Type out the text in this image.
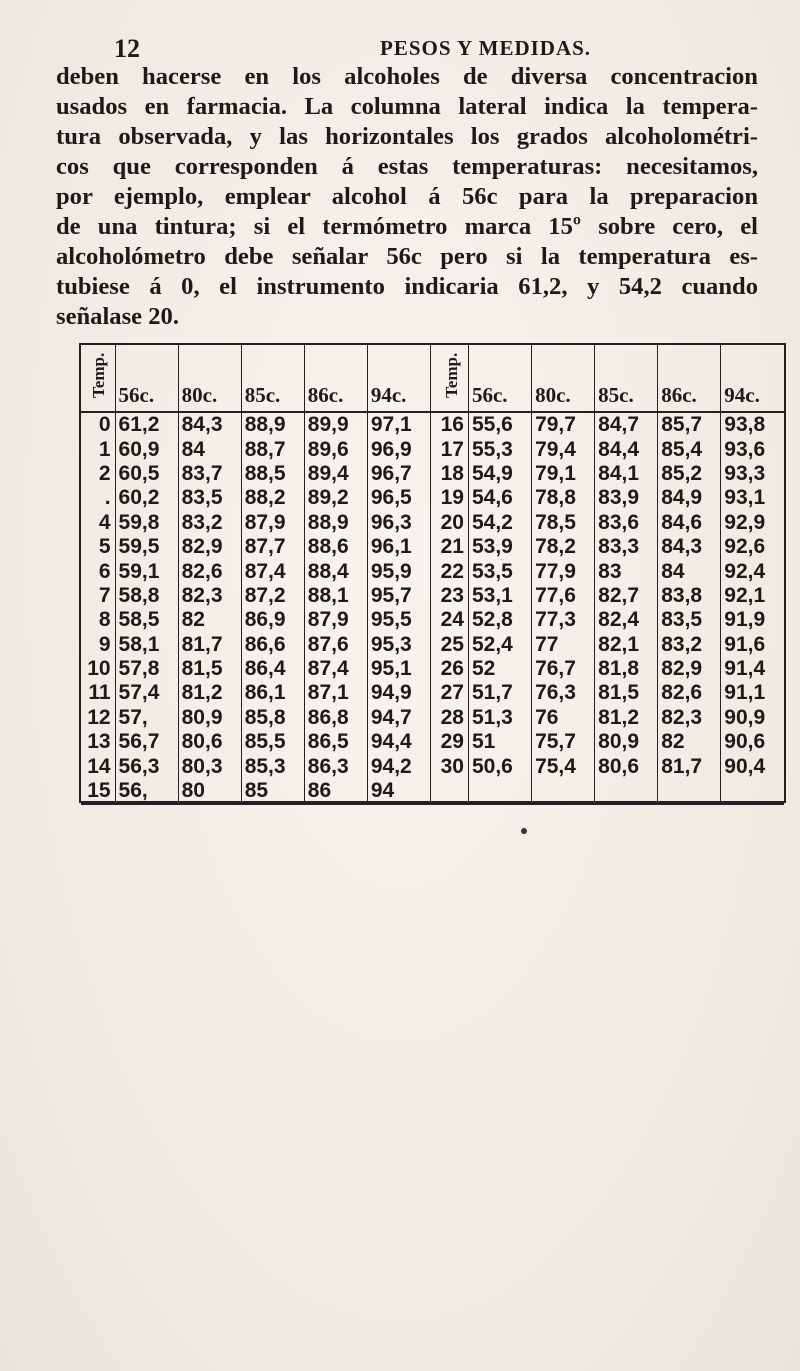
12	PESOS Y MEDIDAS.
deben hacerse en los alcoholes de diversa concentracion
usados en farmacia. La columna lateral indica la tempera-
tura observada, y las horizontales los grados alcoholométri-
cos que corresponden á estas temperaturas: necesitamos,
por ejemplo, emplear alcohol á 56c para la preparacion
de una tintura; si el termómetro marca 15º sobre cero, el
alcoholómetro debe señalar 56c pero si la temperatura es-
tubiese á 0, el instrumento indicaria 61,2, y 54,2 cuando
señalase 20.
Temp.	56c.	80c.	85c.	86c.	94c.	Temp.	56c.	80c.	85c.	86c.	94c.
0	61,2	84,3	88,9	89,9	97,1	16	55,6	79,7	84,7	85,7	93,8
1	60,9	84	88,7	89,6	96,9	17	55,3	79,4	84,4	85,4	93,6
2	60,5	83,7	88,5	89,4	96,7	18	54,9	79,1	84,1	85,2	93,3
.	60,2	83,5	88,2	89,2	96,5	19	54,6	78,8	83,9	84,9	93,1
4	59,8	83,2	87,9	88,9	96,3	20	54,2	78,5	83,6	84,6	92,9
5	59,5	82,9	87,7	88,6	96,1	21	53,9	78,2	83,3	84,3	92,6
6	59,1	82,6	87,4	88,4	95,9	22	53,5	77,9	83	84	92,4
7	58,8	82,3	87,2	88,1	95,7	23	53,1	77,6	82,7	83,8	92,1
8	58,5	82	86,9	87,9	95,5	24	52,8	77,3	82,4	83,5	91,9
9	58,1	81,7	86,6	87,6	95,3	25	52,4	77	82,1	83,2	91,6
10	57,8	81,5	86,4	87,4	95,1	26	52	76,7	81,8	82,9	91,4
11	57,4	81,2	86,1	87,1	94,9	27	51,7	76,3	81,5	82,6	91,1
12	57,	80,9	85,8	86,8	94,7	28	51,3	76	81,2	82,3	90,9
13	56,7	80,6	85,5	86,5	94,4	29	51	75,7	80,9	82	90,6
14	56,3	80,3	85,3	86,3	94,2	30	50,6	75,4	80,6	81,7	90,4
15	56,	80	85	86	94						
